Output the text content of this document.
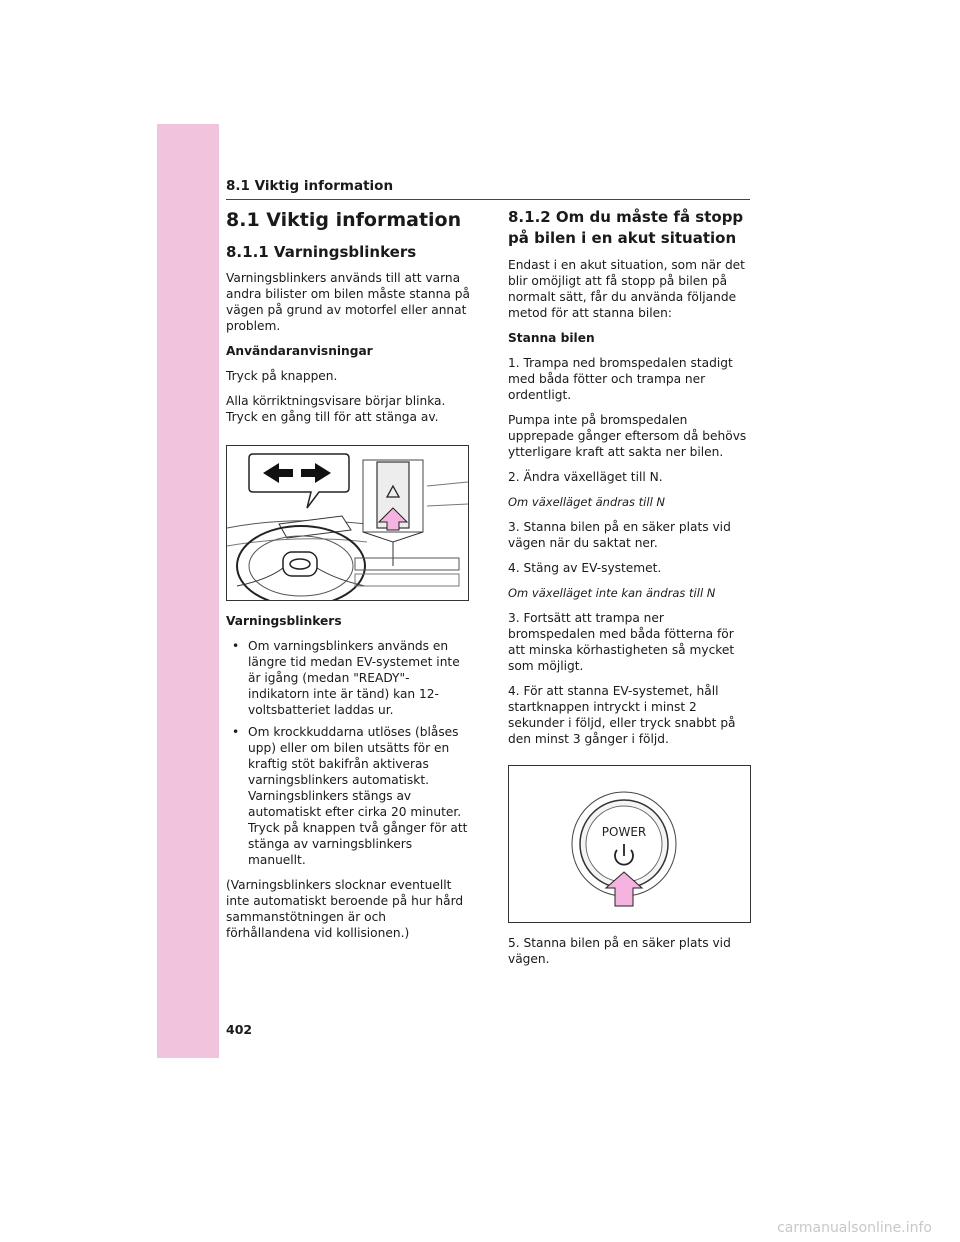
8.1 Viktig information
8.1 Viktig information
8.1.1 Varningsblinkers

Varningsblinkers används till att varna andra bilister om bilen måste stanna på vägen på grund av motorfel eller annat problem.

Användaranvisningar

Tryck på knappen.

Alla körriktningsvisare börjar blinka. Tryck en gång till för att stänga av.

Varningsblinkers

• Om varningsblinkers används en längre tid medan EV-systemet inte är igång (medan "READY"-indikatorn inte är tänd) kan 12-voltsbatteriet laddas ur.
• Om krockkuddarna utlöses (blåses upp) eller om bilen utsätts för en kraftig stöt bakifrån aktiveras varningsblinkers automatiskt. Varningsblinkers stängs av automatiskt efter cirka 20 minuter. Tryck på knappen två gånger för att stänga av varningsblinkers manuellt.

(Varningsblinkers slocknar eventuellt inte automatiskt beroende på hur hård sammanstötningen är och förhållandena vid kollisionen.)

8.1.2 Om du måste få stopp på bilen i en akut situation

Endast i en akut situation, som när det blir omöjligt att få stopp på bilen på normalt sätt, får du använda följande metod för att stanna bilen:

Stanna bilen

1. Trampa ned bromspedalen stadigt med båda fötter och trampa ner ordentligt.

Pumpa inte på bromspedalen upprepade gånger eftersom då behövs ytterligare kraft att sakta ner bilen.

2. Ändra växelläget till N.

Om växelläget ändras till N

3. Stanna bilen på en säker plats vid vägen när du saktat ner.

4. Stäng av EV-systemet.

Om växelläget inte kan ändras till N

3. Fortsätt att trampa ner bromspedalen med båda fötterna för att minska körhastigheten så mycket som möjligt.

4. För att stanna EV-systemet, håll startknappen intryckt i minst 2 sekunder i följd, eller tryck snabbt på den minst 3 gånger i följd.

POWER

5. Stanna bilen på en säker plats vid vägen.

402
carmanualsonline.info
